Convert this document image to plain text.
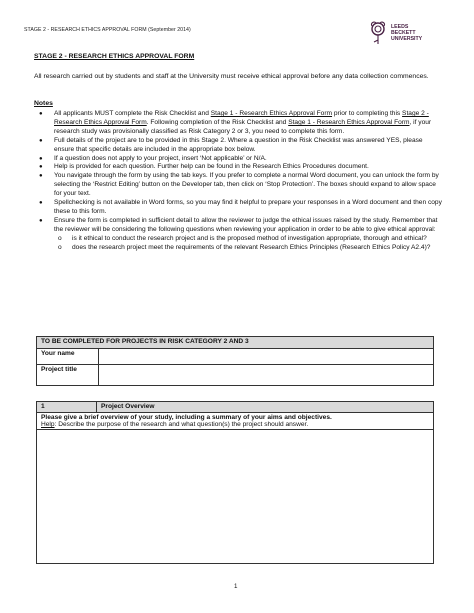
STAGE 2 - RESEARCH ETHICS APPROVAL FORM (September 2014)	LEEDS
BECKETT
UNIVERSITY
STAGE 2 - RESEARCH ETHICS APPROVAL FORM
All research carried out by students and staff at the University must receive ethical approval before any data collection commences.
Notes
● All applicants MUST complete the Risk Checklist and Stage 1 - Research Ethics Approval Form prior to completing this Stage 2 - Research Ethics Approval Form. Following completion of the Risk Checklist and Stage 1 - Research Ethics Approval Form, if your research study was provisionally classified as Risk Category 2 or 3, you need to complete this form.
● Full details of the project are to be provided in this Stage 2. Where a question in the Risk Checklist was answered YES, please ensure that specific details are included in the appropriate box below.
● If a question does not apply to your project, insert ‘Not applicable’ or N/A.
● Help is provided for each question. Further help can be found in the Research Ethics Procedures document.
● You navigate through the form by using the tab keys. If you prefer to complete a normal Word document, you can unlock the form by selecting the ‘Restrict Editing’ button on the Developer tab, then click on ‘Stop Protection’. The boxes should expand to allow space for your text.
● Spellchecking is not available in Word forms, so you may find it helpful to prepare your responses in a Word document and then copy these to this form.
● Ensure the form is completed in sufficient detail to allow the reviewer to judge the ethical issues raised by the study. Remember that the reviewer will be considering the following questions when reviewing your application in order to be able to give ethical approval:
o is it ethical to conduct the research project and is the proposed method of investigation appropriate, thorough and ethical?
o does the research project meet the requirements of the relevant Research Ethics Principles (Research Ethics Policy A2.4)?
TO BE COMPLETED FOR PROJECTS IN RISK CATEGORY 2 AND 3	
Your name	
Project title	
1	Project Overview

Please give a brief overview of your study, including a summary of your aims and objectives.
Help: Describe the purpose of the research and what question(s) the project should answer.

1
